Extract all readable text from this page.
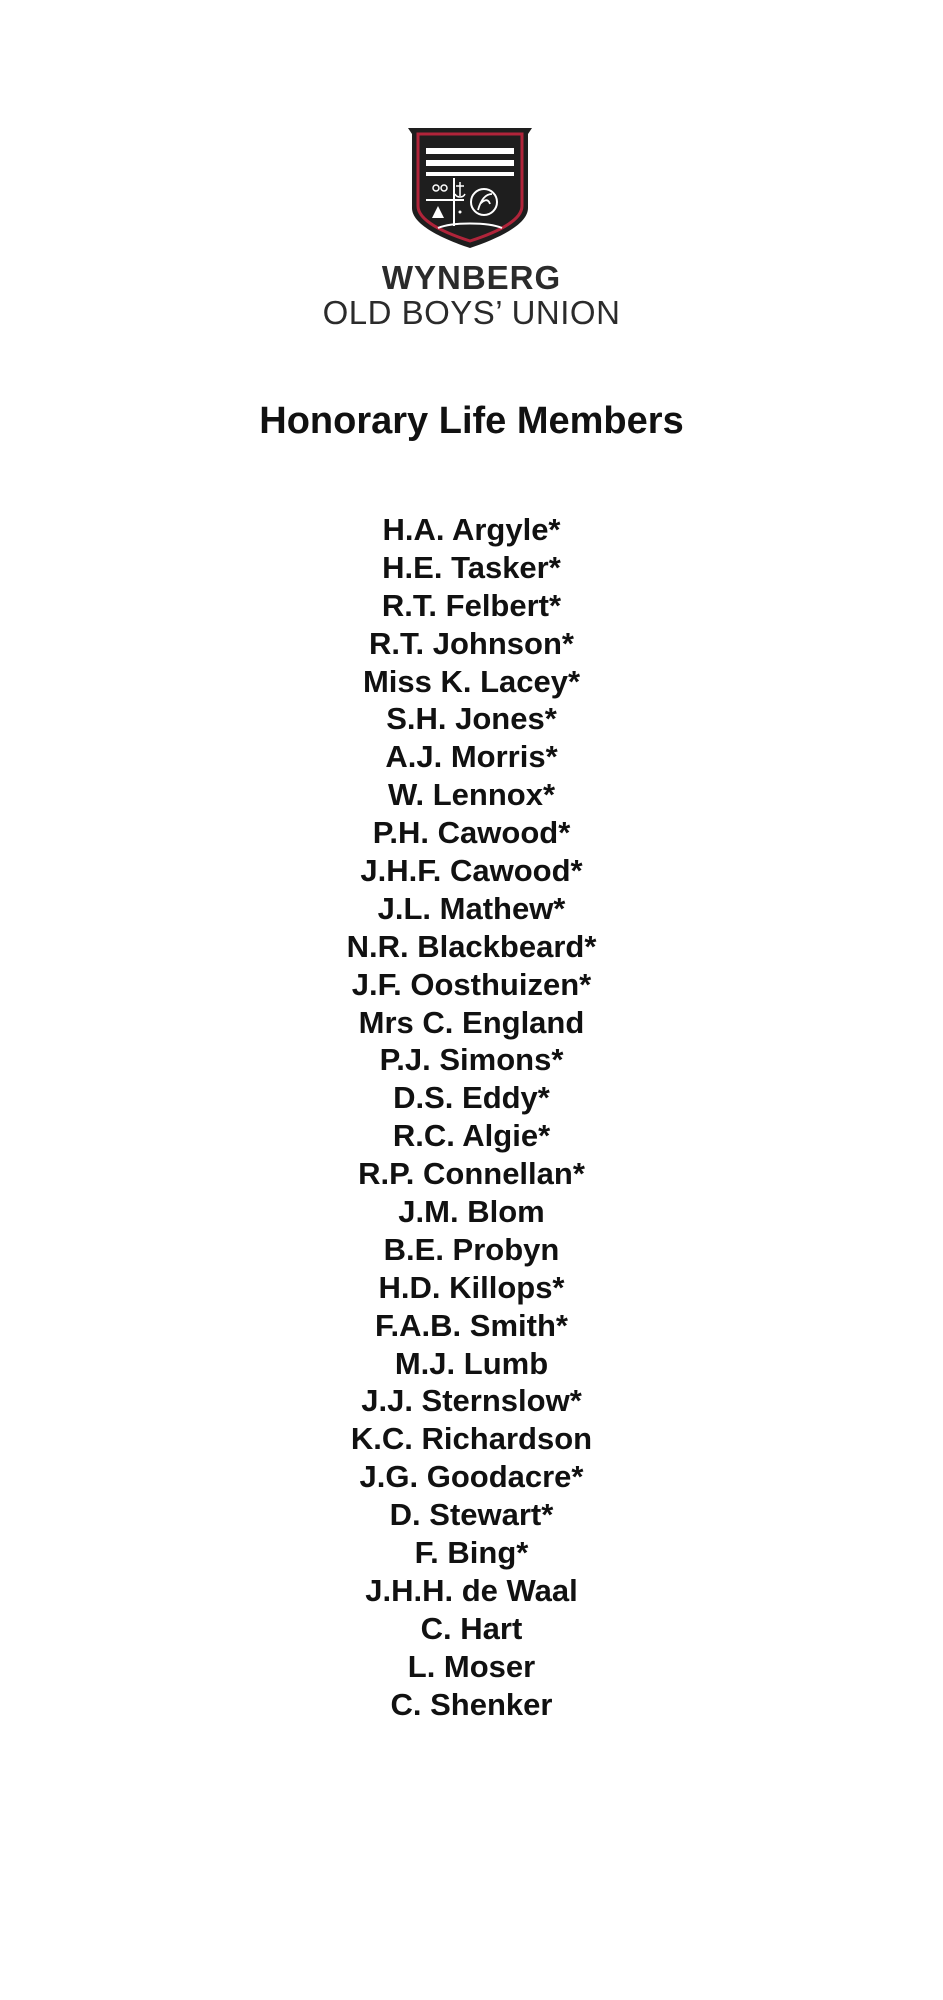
WYNBERG
OLD BOYS’ UNION
Honorary Life Members
H.A. Argyle*
H.E. Tasker*
R.T. Felbert*
R.T. Johnson*
Miss K. Lacey*
S.H. Jones*
A.J. Morris*
W. Lennox*
P.H. Cawood*
J.H.F. Cawood*
J.L. Mathew*
N.R. Blackbeard*
J.F. Oosthuizen*
Mrs C. England
P.J. Simons*
D.S. Eddy*
R.C. Algie*
R.P. Connellan*
J.M. Blom
B.E. Probyn
H.D. Killops*
F.A.B. Smith*
M.J. Lumb
J.J. Sternslow*
K.C. Richardson
J.G. Goodacre*
D. Stewart*
F. Bing*
J.H.H. de Waal
C. Hart
L. Moser
C. Shenker
